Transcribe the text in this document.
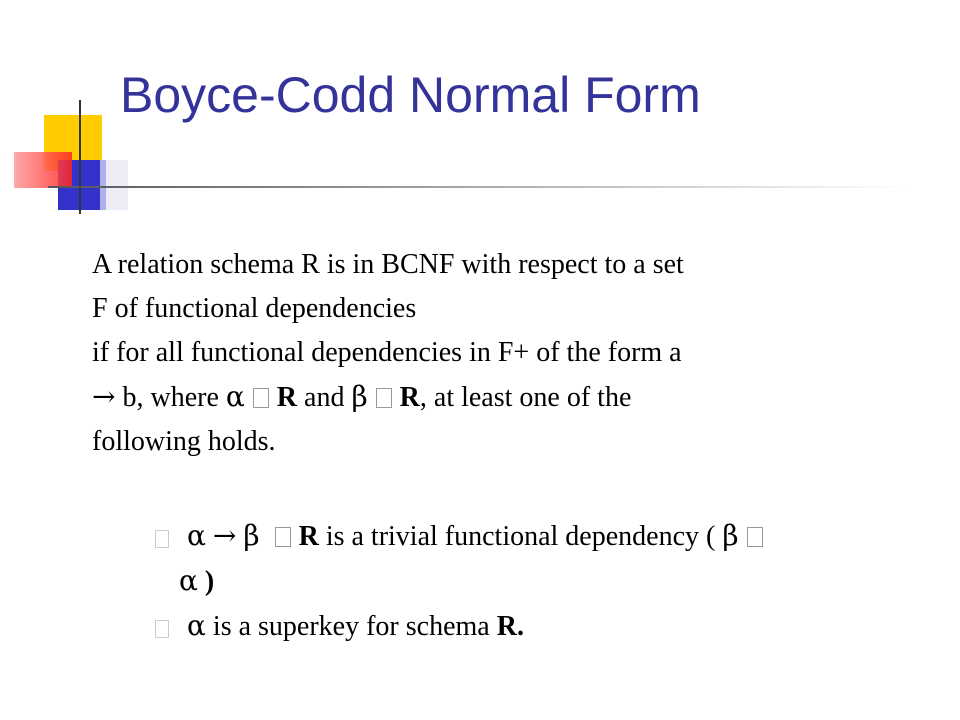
Boyce-Codd Normal Form
A relation schema R is in BCNF with respect to a set
F of functional dependencies
if for all functional dependencies in F+ of the form a
→ b, where α R and β R, at least one of the
following holds.
α → β R is a trivial functional dependency ( β
α )
α is a superkey for schema R.
